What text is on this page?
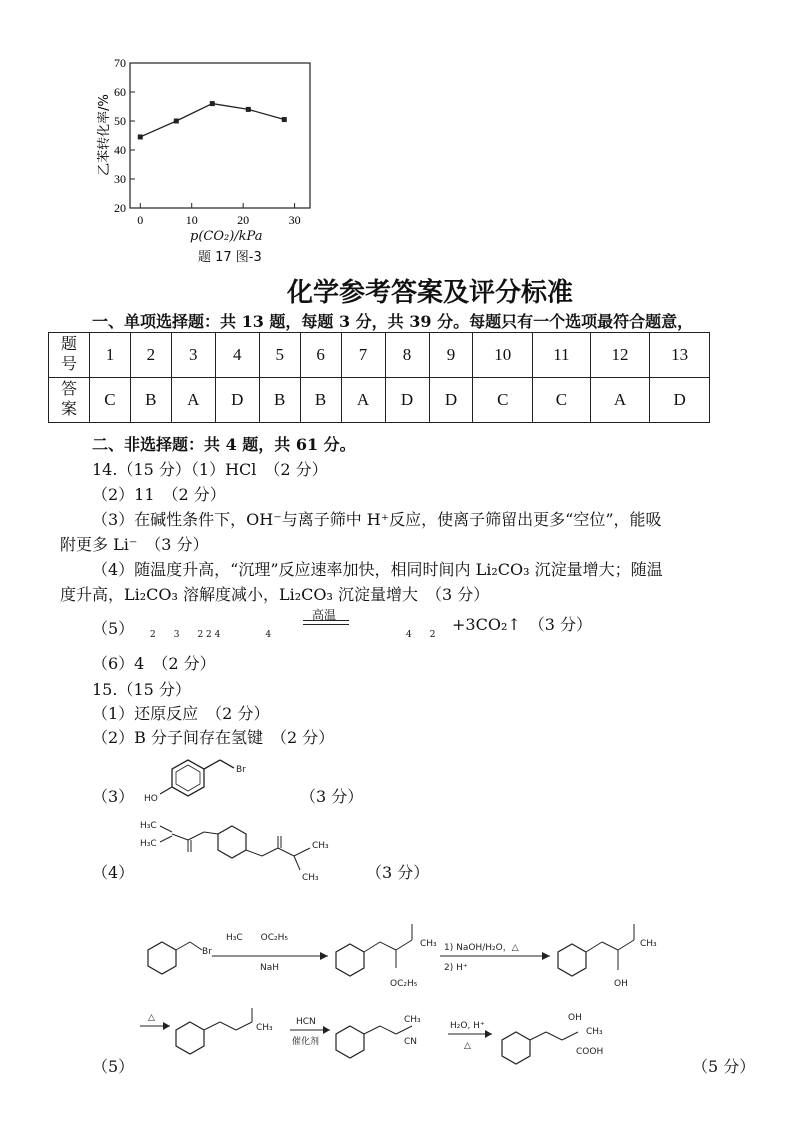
20
30
40
50
60
70
0	10	20	30
乙苯转化率/%
p(CO₂)/kPa
题 17 图-3
化学参考答案及评分标准
一、单项选择题：共 13 题，每题 3 分，共 39 分。每题只有一个选项最符合题意，
题
号	1	2	3	4	5	6	7	8	9	10	11	12	13
答
案	C	B	A	D	B	B	A	D	D	C	C	A	D
二、非选择题：共 4 题，共 61 分。
14.（15 分）（1）HCl　（2 分）
（2）11　（2 分）
（3）在碱性条件下，OH⁻与离子筛中 H⁺反应，使离子筛留出更多“空位”，能吸
附更多 Li⁻　（3 分）
（4）随温度升高，“沉理”反应速率加快，相同时间内 Li₂CO₃ 沉淀量增大；随温
度升高，Li₂CO₃ 溶解度减小，Li₂CO₃ 沉淀量增大　（3 分）
（5） 2　　3　　2 2 4　　　　　4
高温
4　　2
+3CO₂↑　（3 分）
（6）4　（2 分）
15.（15 分）
（1）还原反应　（2 分）
（2）B 分子间存在氢键　（2 分）
（3）
Br
HO	（3 分）
（4）
H₃C
H₃C	CH₃
CH₃	（3 分）
Br
H₃C　　OC₂H₅
NaH
CH₃
OC₂H₅
1) NaOH/H₂O，△
2) H⁺
CH₃
OH
△
CH₃
HCN
催化剂
CH₃
CN
H₂O, H⁺
△
OH
CH₃
COOH
（5）	（5 分）
